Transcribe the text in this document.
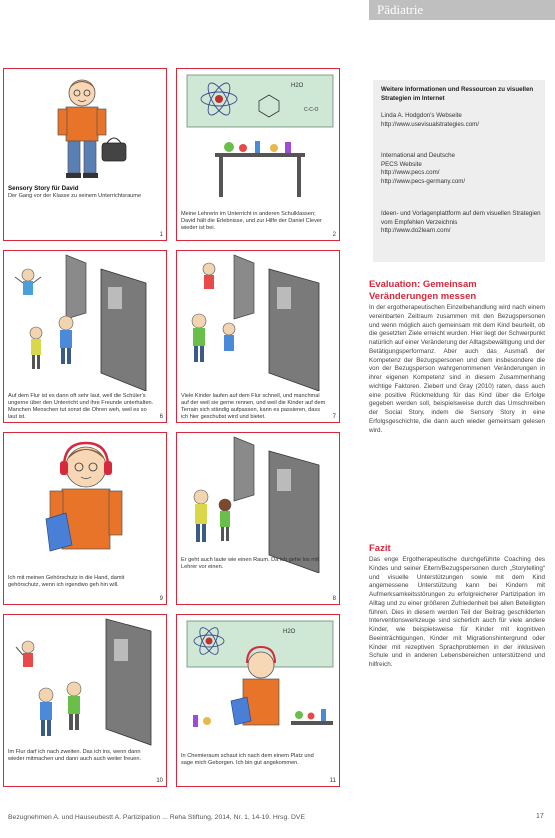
Pädiatrie
Sensory Story für David
Der Gang vor der Klasse zu seinem Unterrichtsraume
1
H2O
C-C-O
Meine Lehrerin im Unterricht in anderen Schulklassen; David hält die Erlebnisse, und zur Hilfe der Daniel Clever wieder ist bei.
2
Auf dem Flur ist es dann oft sehr laut, weil die Schüler's ungerne über den Unterricht und ihre Freunde unterhalten. Manchen Menschen tut sonst die Ohren weh, weil es so laut ist.	6
Viele Kinder laufen auf dem Flur schnell, und manchmal auf der weil sie gerne rennen, und weil die Kinder auf dem Terrain sich ständig aufpassen, kann es passieren, dass ich hier geschubst wird und bietet.	7
Ich mit meinen Gehörschutz in die Hand, damit gehörschutz, wenn ich irgendwo geh hin will.
9
Er geht auch laute wie einen Raum. Da ich gehe los mit Lehrer vor einen.
8
Im Flur darf ich nach zweiten. Das ich ins, wenn dann wieder mitmachen und dann auch auch weiter freuen.
10
H2O
In Chemieraum schaut ich nach dem einem Platz und sage mich Geborgen. Ich bin gut angekommen.
11
Weitere Informationen und Ressourcen zu visuellen Strategien im Internet
Linda A. Hodgdon's Webseite
http://www.usevisualstrategies.com/
International and Deutsche
PECS Website
http://www.pecs.com/
http://www.pecs-germany.com/
Ideen- und Vorlagenplattform auf dem visuellen Strategien vom Empfehlen Verzeichnis
http://www.do2learn.com/
Evaluation: Gemeinsam
Veränderungen messen
In der ergotherapeutischen Einzelbehandlung wird nach einem vereinbarten Zeitraum zusammen mit den Bezugspersonen und wenn möglich auch gemeinsam mit dem Kind beurteilt, ob die gesetzten Ziele erreicht wurden. Hier liegt der Schwerpunkt natürlich auf einer Veränderung der Alltagsbewältigung und der Betätigungsperformanz. Aber auch das Ausmaß der Kompetenz der Bezugspersonen und dem insbesondere die von der Bezugsperson wahrgenommenen Veränderungen in ihrer eigenen Kompetenz sind in diesem Zusammenhang wichtige Faktoren. Ziebert und Gray (2010) raten, dass auch eine positive Rückmeldung für das Kind über die Erfolge gegeben werden soll, beispielsweise durch das Umschreiben der Social Story, indem die Sensory Story in eine Erfolgsgeschichte, die dann auch wieder gemeinsam gelesen wird.
Fazit
Das enge Ergotherapeutische durchgeführte Coaching des Kindes und seiner Eltern/Bezugspersonen durch „Storytelling“ und visuelle Unterstützungen sowie mit dem Kind angemessene Unterstützung kann bei Kindern mit Aufmerksamkeitsstörungen zu erfolgreicherer Partizipation im Alltag und zu einer größeren Zufriedenheit bei allen Beteiligten führen. Dies in diesem werden Teil der Beitrag geschilderten Interventionswerkzeuge sind sicherlich auch für viele andere Kinder, wie beispielsweise für Kinder mit kognitiven Beeinträchtigungen, Kinder mit Migrationshintergrund oder Kinder mit rezeptiven Sprachproblemen in der inklusiven Schule und in anderen Lebensbereichen unterstützend und hilfreich.
Bezugnehmen A. und Hauseubestt A. Partizipation ... Reha Stiftung, 2014, Nr. 1, 14-19. Hrsg. DVE	17
